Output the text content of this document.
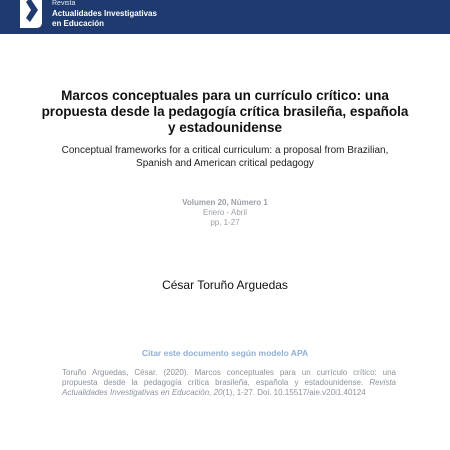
Revista
Actualidades Investigativas
en Educación
Marcos conceptuales para un currículo crítico: una propuesta desde la pedagogía crítica brasileña, española y estadounidense
Conceptual frameworks for a critical curriculum: a proposal from Brazilian, Spanish and American critical pedagogy
Volumen 20, Número 1
Enero - Abril
pp. 1-27
César Toruño Arguedas
Citar este documento según modelo APA
Toruño Arguedas, César. (2020). Marcos conceptuales para un currículo crítico: una propuesta desde la pedagogía crítica brasileña, española y estadounidense. Revista Actualidades Investigativas en Educación, 20(1), 1-27. Doi. 10.15517/aie.v20i1.40124
